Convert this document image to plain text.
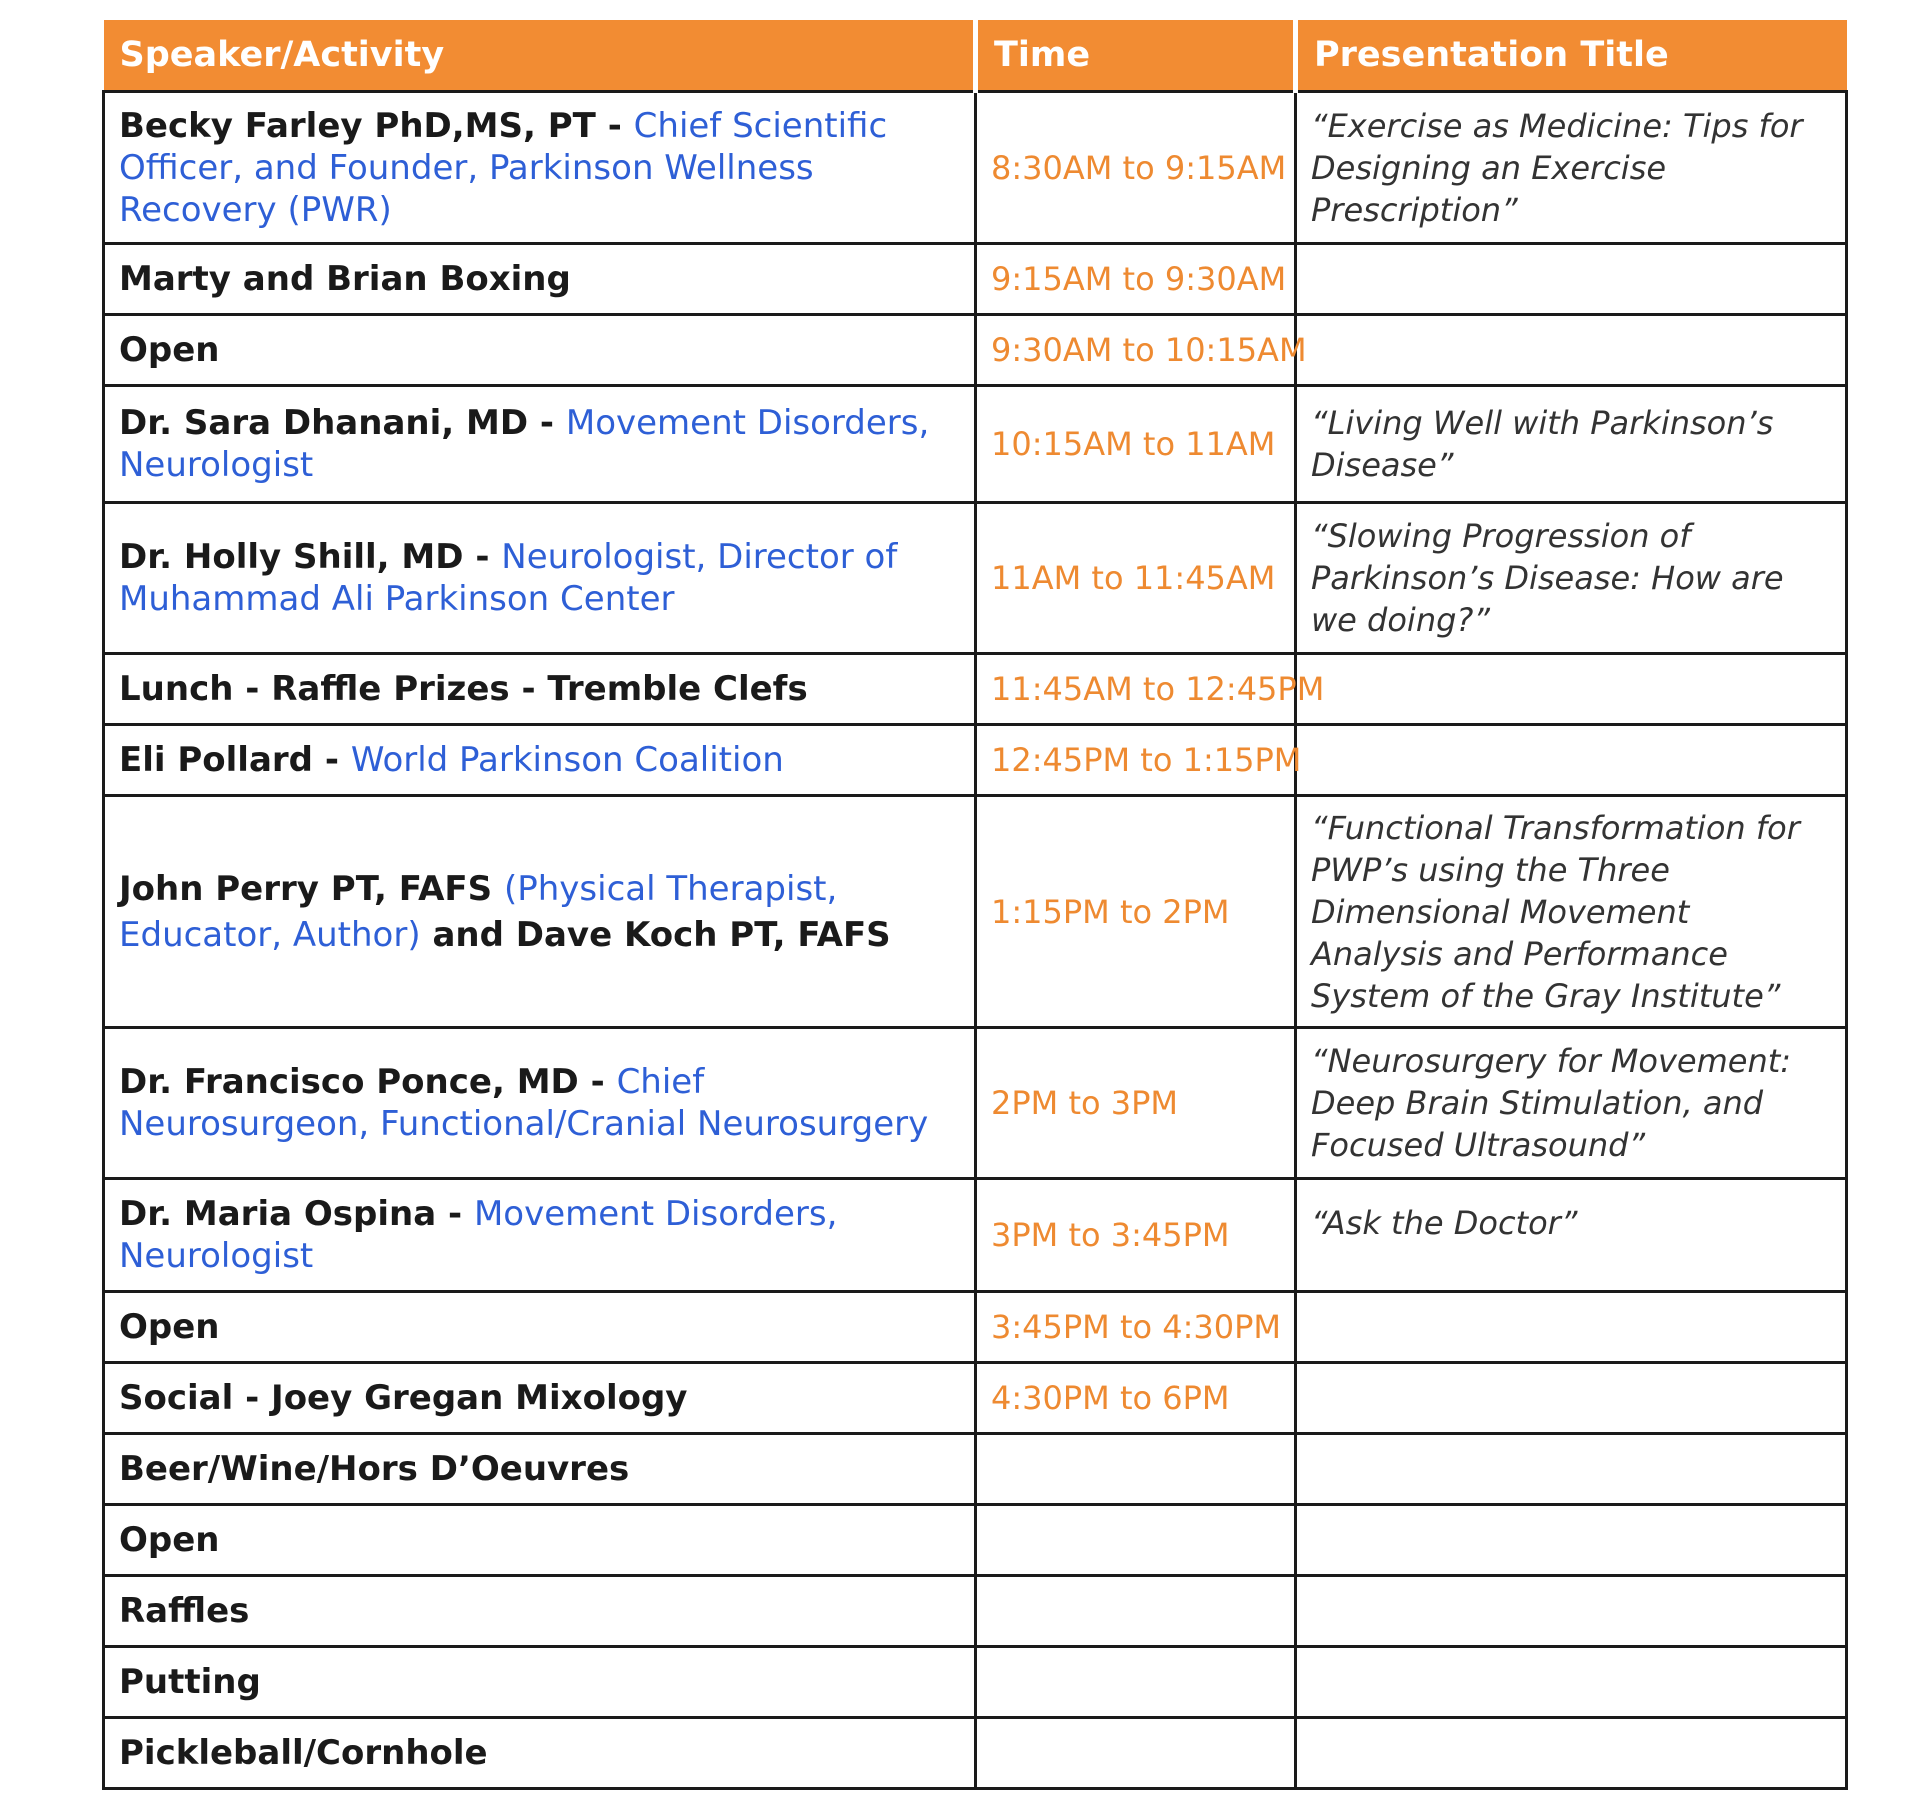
Speaker/Activity	Time	Presentation Title
Becky Farley PhD,MS, PT - Chief Scientific Officer, and Founder, Parkinson Wellness Recovery (PWR)	8:30AM to 9:15AM	“Exercise as Medicine: Tips for Designing an Exercise Prescription”
Marty and Brian Boxing	9:15AM to 9:30AM	
Open	9:30AM to 10:15AM	
Dr. Sara Dhanani, MD - Movement Disorders, Neurologist	10:15AM to 11AM	“Living Well with Parkinson’s Disease”
Dr. Holly Shill, MD - Neurologist, Director of Muhammad Ali Parkinson Center	11AM to 11:45AM	“Slowing Progression of Parkinson’s Disease: How are we doing?”
Lunch - Raffle Prizes - Tremble Clefs	11:45AM to 12:45PM	
Eli Pollard - World Parkinson Coalition	12:45PM to 1:15PM	
John Perry PT, FAFS (Physical Therapist, Educator, Author) and Dave Koch PT, FAFS	1:15PM to 2PM	“Functional Transformation for PWP’s using the Three Dimensional Movement Analysis and Performance System of the Gray Institute”
Dr. Francisco Ponce, MD - Chief Neurosurgeon, Functional/Cranial Neurosurgery	2PM to 3PM	“Neurosurgery for Movement: Deep Brain Stimulation, and Focused Ultrasound”
Dr. Maria Ospina - Movement Disorders, Neurologist	3PM to 3:45PM	“Ask the Doctor”
Open	3:45PM to 4:30PM	
Social - Joey Gregan Mixology	4:30PM to 6PM	
Beer/Wine/Hors D’Oeuvres		
Open		
Raffles		
Putting		
Pickleball/Cornhole		
